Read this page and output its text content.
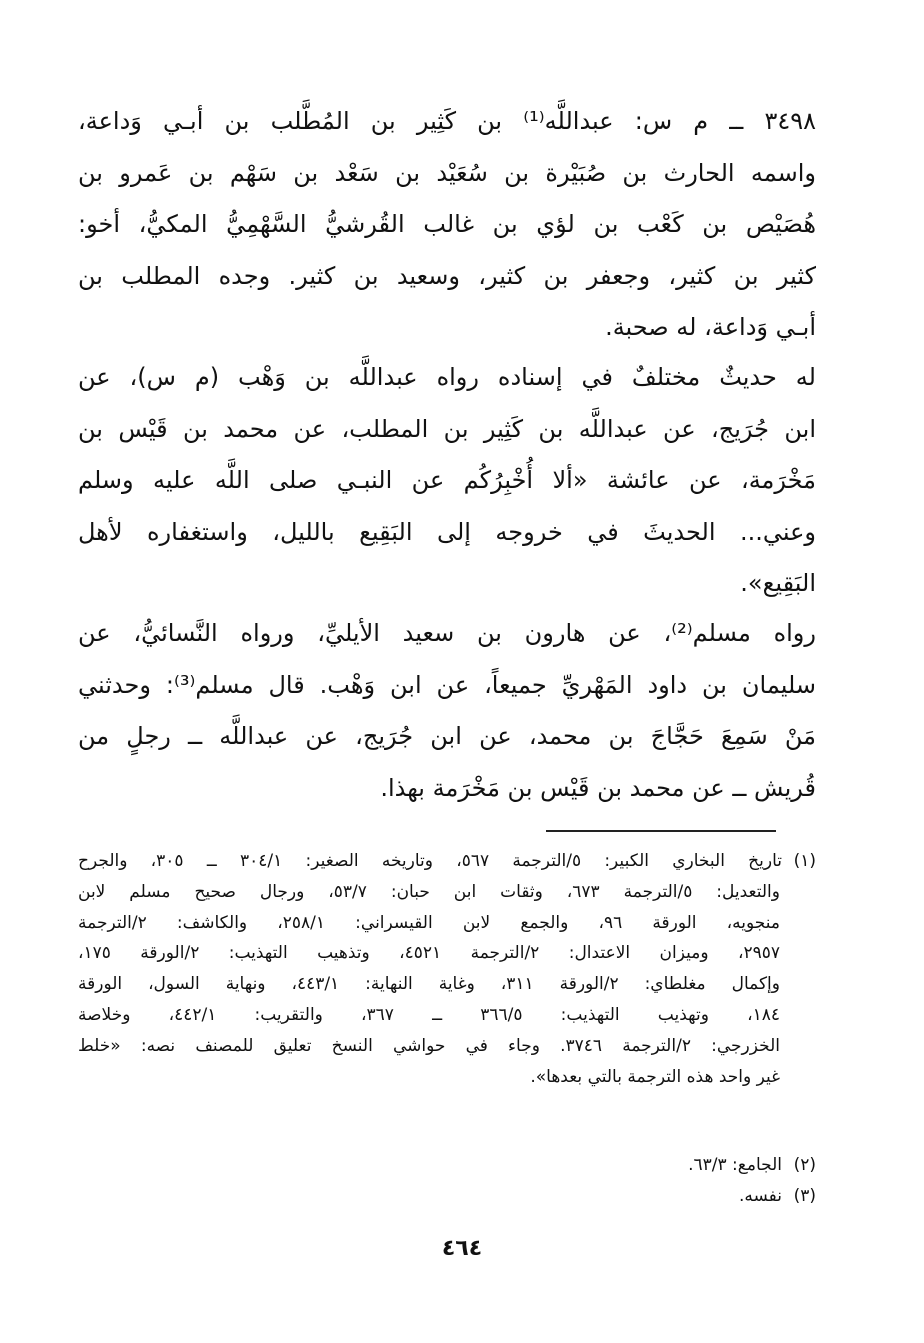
٣٤٩٨ ــ م س: عبداللَّه⁽¹⁾ بن كَثِير بن المُطَّلب بن أبـي وَداعة،
واسمه الحارث بن صُبَيْرة بن سُعَيْد بن سَعْد بن سَهْم بن عَمرو بن
هُصَيْص بن كَعْب بن لؤي بن غالب القُرشيُّ السَّهْمِيُّ المكيُّ، أخو:
كثير بن كثير، وجعفر بن كثير، وسعيد بن كثير. وجده المطلب بن
أبـي وَداعة، له صحبة.
له حديثٌ مختلفٌ في إسناده رواه عبداللَّه بن وَهْب (م س)، عن
ابن جُرَيج، عن عبداللَّه بن كَثِير بن المطلب، عن محمد بن قَيْس بن
مَخْرَمة، عن عائشة «ألا أُخْبِرُكُم عن النبـي صلى اللَّه عليه وسلم
وعني... الحديثَ في خروجه إلى البَقِيع بالليل، واستغفاره لأهل
البَقِيع».
رواه مسلم⁽²⁾، عن هارون بن سعيد الأيليِّ، ورواه النَّسائيُّ، عن
سليمان بن داود المَهْريِّ جميعاً، عن ابن وَهْب. قال مسلم⁽³⁾: وحدثني
مَنْ سَمِعَ حَجَّاجَ بن محمد، عن ابن جُرَيج، عن عبداللَّه ــ رجلٍ من
قُريش ــ عن محمد بن قَيْس بن مَخْرَمة بهذا.
(١)تاريخ البخاري الكبير: ٥/الترجمة ٥٦٧، وتاريخه الصغير: ٣٠٤/١ ــ ٣٠٥، والجرح
والتعديل: ٥/الترجمة ٦٧٣، وثقات ابن حبان: ٥٣/٧، ورجال صحيح مسلم لابن
منجويه، الورقة ٩٦، والجمع لابن القيسراني: ٢٥٨/١، والكاشف: ٢/الترجمة
٢٩٥٧، وميزان الاعتدال: ٢/الترجمة ٤٥٢١، وتذهيب التهذيب: ٢/الورقة ١٧٥،
وإكمال مغلطاي: ٢/الورقة ٣١١، وغاية النهاية: ٤٤٣/١، ونهاية السول، الورقة
١٨٤، وتهذيب التهذيب: ٣٦٦/٥ ــ ٣٦٧، والتقريب: ٤٤٢/١، وخلاصة
الخزرجي: ٢/الترجمة ٣٧٤٦. وجاء في حواشي النسخ تعليق للمصنف نصه: «خلط
غير واحد هذه الترجمة بالتي بعدها».
(٢)الجامع: ٦٣/٣.
(٣)نفسه.
٤٦٤
